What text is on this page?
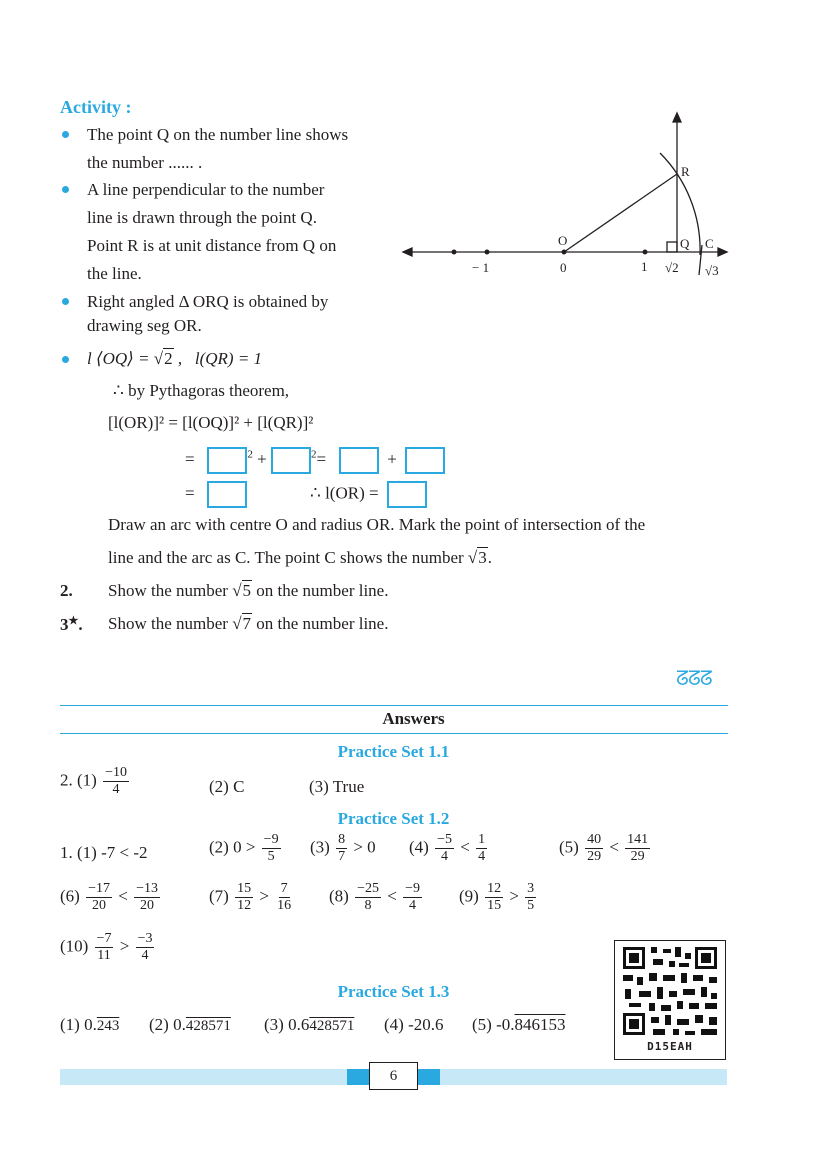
Activity :
The point Q on the number line shows
the number ...... .
A line perpendicular to the number
line is drawn through the point Q.
Point R is at unit distance from Q on
the line.
Right angled Δ ORQ is obtained by
drawing seg OR.
l ⟨OQ⟩ = √2 ,   l(QR) = 1
∴ by Pythagoras theorem,
[l(OR)]² = [l(OQ)]² + [l(QR)]²
=	$^2$ +	$^2$=	+
=	∴ l(OR) =
Draw an arc with centre O and radius OR. Mark the point of intersection of the
line and the arc as C. The point C shows the number √3.
2. Show the number √5 on the number line.
3★. Show the number √7 on the number line.
O
R
Q C
− 1	0	1 √2 √3
ᘔᘔᘔ
Answers
Practice Set 1.1
2. $(1) \frac{-10}{4}$	(2) C	(3) True
Practice Set 1.2
1. (1) -7 < -2	(2) $0 > \frac{-9}{5} (3) \frac{8}{7} > 0$ $(4) \frac{-5}{4} < \frac{1}{4}$	$(5) \frac{40}{29} < \frac{141}{29}$
$(6) \frac{-17}{20} < \frac{-13}{20}$	$(7) \frac{15}{12} > \frac{7}{16} (8) \frac{-25}{8} < \frac{-9}{4} (9) \frac{12}{15} > \frac{3}{5}$
$(10) \frac{-7}{11} > \frac{-3}{4}$
Practice Set 1.3
(1) 0.243 (2) 0.428571 (3) 0.6428571 (4) -20.6 (5) -0.846153
D15EAH
6
